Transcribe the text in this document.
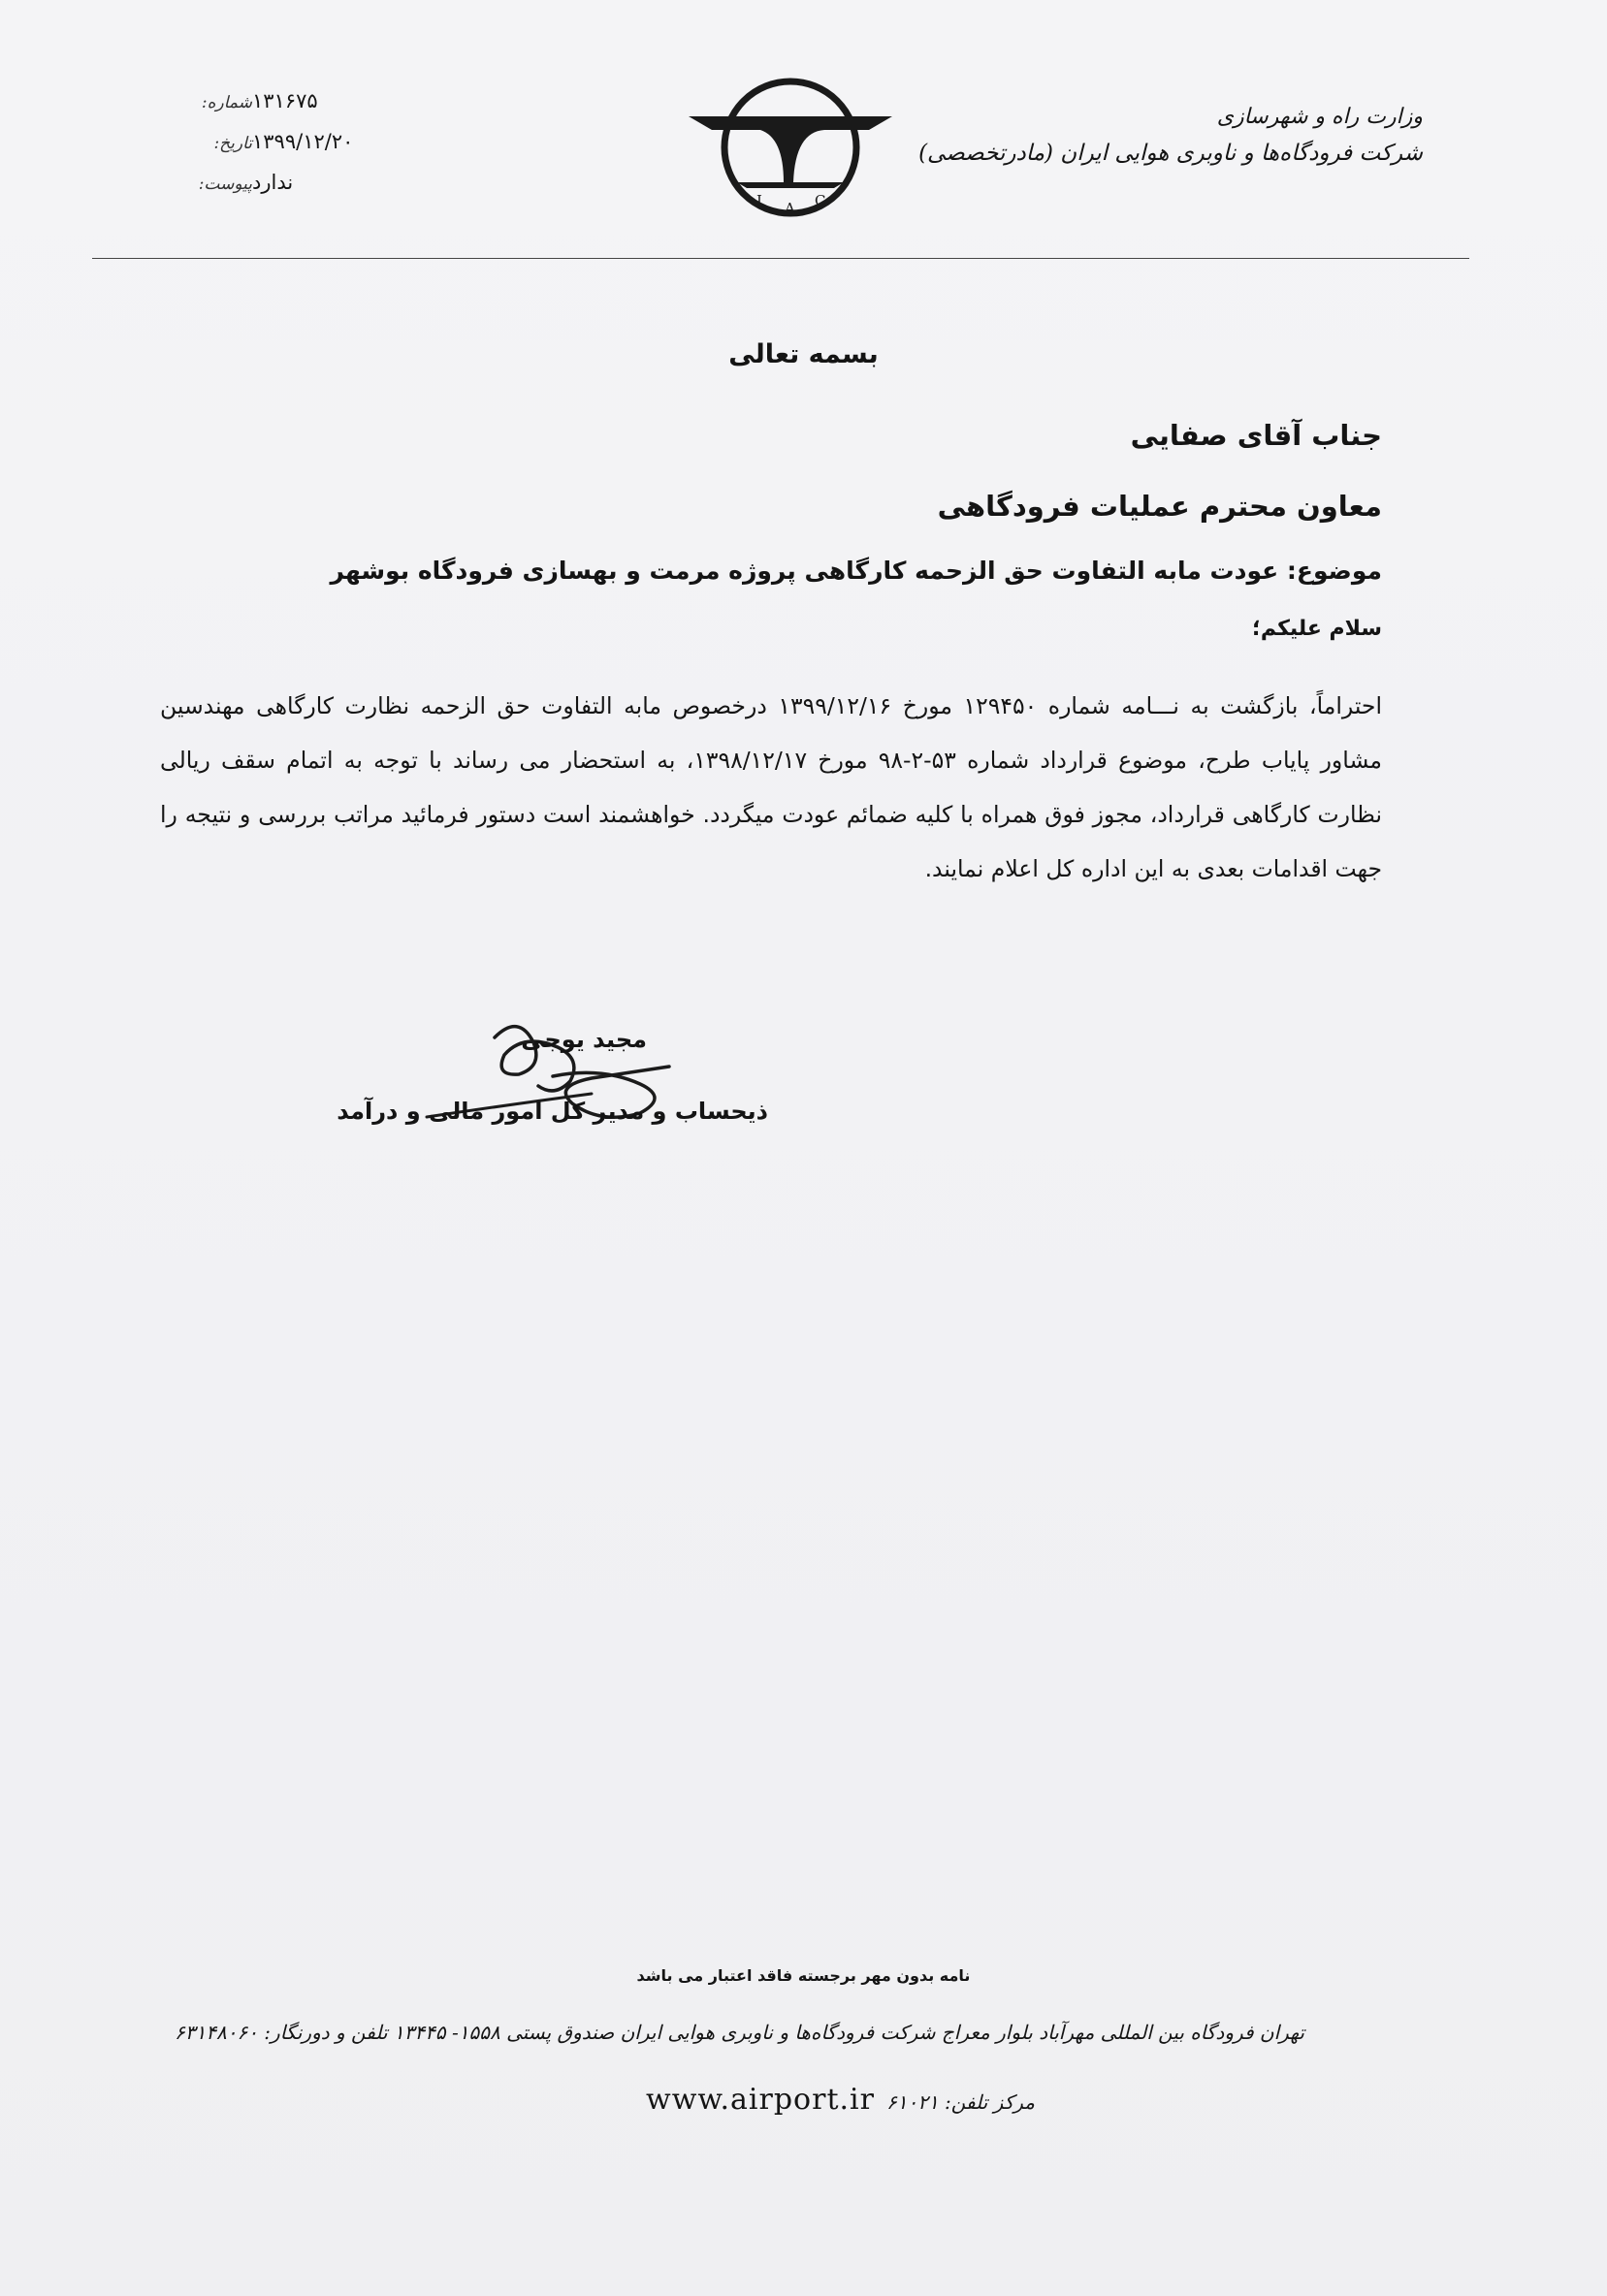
وزارت راه و شهرسازی
شرکت فرودگاه‌ها و ناوبری هوایی ایران (مادرتخصصی)
I A C
شماره: ۱۳۱۶۷۵
تاریخ: ۱۳۹۹/۱۲/۲۰
پیوست: ندارد
بسمه تعالی
جناب آقای صفایی
معاون محترم عملیات فرودگاهی
موضوع: عودت مابه التفاوت حق الزحمه کارگاهی پروژه مرمت و بهسازی فرودگاه بوشهر
سلام علیکم؛
احتراماً، بازگشت به نـــامه شماره ۱۲۹۴۵۰ مورخ ۱۳۹۹/۱۲/۱۶ درخصوص مابه التفاوت حق الزحمه نظارت کارگاهی مهندسین مشاور پایاب طرح، موضوع قرارداد شماره ۵۳-۲-۹۸ مورخ ۱۳۹۸/۱۲/۱۷، به استحضار می رساند با توجه به اتمام سقف ریالی نظارت کارگاهی قرارداد، مجوز فوق همراه با کلیه ضمائم عودت میگردد. خواهشمند است دستور فرمائید مراتب بررسی و نتیجه را جهت اقدامات بعدی به این اداره کل اعلام نمایند.
مجید یوجی
ذیحساب و مدیر کل امور مالی و درآمد
نامه بدون مهر برجسته فاقد اعتبار می باشد
تهران فرودگاه بین المللی مهرآباد بلوار معراج شرکت فرودگاه‌ها و ناوبری هوایی ایران صندوق پستی ۱۵۵۸- ۱۳۴۴۵ تلفن و دورنگار: ۶۳۱۴۸۰۶۰
مرکز تلفن: ۶۱۰۲۱
www.airport.ir
